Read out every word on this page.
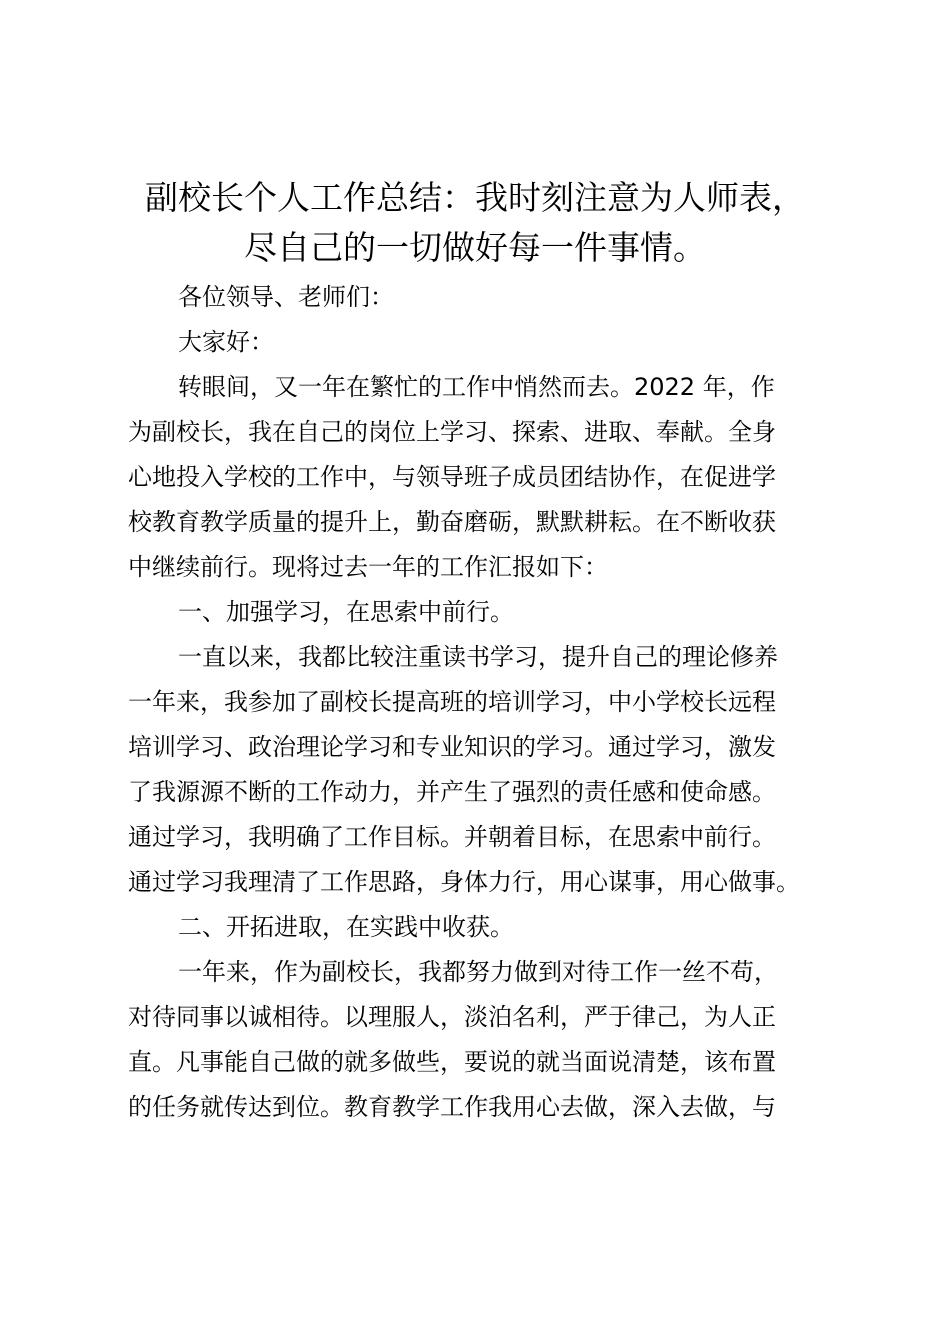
副校长个人工作总结：我时刻注意为人师表，
尽自己的一切做好每一件事情。
各位领导、老师们：
大家好：
转眼间，又一年在繁忙的工作中悄然而去。2022 年，作
为副校长，我在自己的岗位上学习、探索、进取、奉献。全身
心地投入学校的工作中，与领导班子成员团结协作，在促进学
校教育教学质量的提升上，勤奋磨砺，默默耕耘。在不断收获
中继续前行。现将过去一年的工作汇报如下：
一、加强学习，在思索中前行。
一直以来，我都比较注重读书学习，提升自己的理论修养
一年来，我参加了副校长提高班的培训学习，中小学校长远程
培训学习、政治理论学习和专业知识的学习。通过学习，激发
了我源源不断的工作动力，并产生了强烈的责任感和使命感。
通过学习，我明确了工作目标。并朝着目标，在思索中前行。
通过学习我理清了工作思路，身体力行，用心谋事，用心做事。
二、开拓进取，在实践中收获。
一年来，作为副校长，我都努力做到对待工作一丝不苟，
对待同事以诚相待。以理服人，淡泊名利，严于律己，为人正
直。凡事能自己做的就多做些，要说的就当面说清楚，该布置
的任务就传达到位。教育教学工作我用心去做，深入去做，与
